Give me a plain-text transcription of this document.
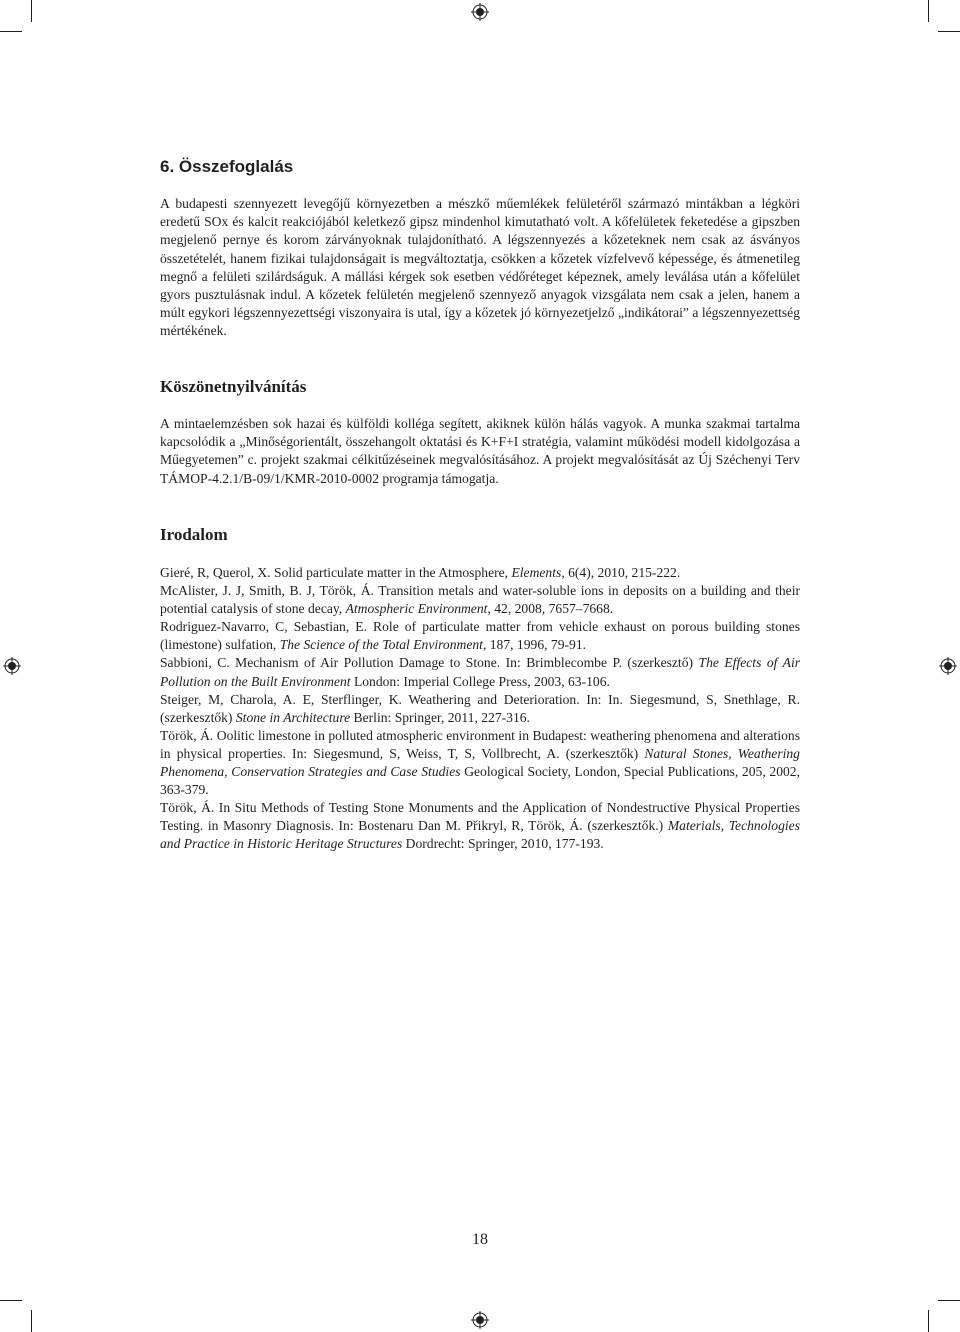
6. Összefoglalás

A budapesti szennyezett levegőjű környezetben a mészkő műemlékek felületéről származó mintákban a légköri eredetű SOx és kalcit reakciójából keletkező gipsz mindenhol kimutatható volt. A kőfelületek feketedése a gipszben megjelenő pernye és korom zárványoknak tulajdonítható. A légszennyezés a kőzeteknek nem csak az ásványos összetételét, hanem fizikai tulajdonságait is megváltoztatja, csökken a kőzetek vízfelvevő képessége, és átmenetileg megnő a felületi szilárdságuk. A mállási kérgek sok esetben védőréteget képeznek, amely leválása után a kőfelület gyors pusztulásnak indul. A kőzetek felületén megjelenő szennyező anyagok vizsgálata nem csak a jelen, hanem a múlt egykori légszennyezettségi viszonyaira is utal, így a kőzetek jó környezetjelző „indikátorai” a légszennyezettség mértékének.

Köszönetnyilvánítás

A mintaelemzésben sok hazai és külföldi kolléga segített, akiknek külön hálás vagyok. A munka szakmai tartalma kapcsolódik a „Minőségorientált, összehangolt oktatási és K+F+I stratégia, valamint működési modell kidolgozása a Műegyetemen” c. projekt szakmai célkitűzéseinek megvalósításához. A projekt megvalósítását az Új Széchenyi Terv TÁMOP-4.2.1/B-09/1/KMR-2010-0002 programja támogatja.

Irodalom

Gieré, R, Querol, X. Solid particulate matter in the Atmosphere, Elements, 6(4), 2010, 215-222.

McAlister, J. J, Smith, B. J, Török, Á. Transition metals and water-soluble ions in deposits on a building and their potential catalysis of stone decay, Atmospheric Environment, 42, 2008, 7657–7668.

Rodriguez-Navarro, C, Sebastian, E. Role of particulate matter from vehicle exhaust on porous building stones (limestone) sulfation, The Science of the Total Environment, 187, 1996, 79-91.

Sabbioni, C. Mechanism of Air Pollution Damage to Stone. In: Brimblecombe P. (szerkesztő) The Effects of Air Pollution on the Built Environment London: Imperial College Press, 2003, 63-106.

Steiger, M, Charola, A. E, Sterflinger, K. Weathering and Deterioration. In: In. Siegesmund, S, Snethlage, R. (szerkesztők) Stone in Architecture Berlin: Springer, 2011, 227-316.

Török, Á. Oolitic limestone in polluted atmospheric environment in Budapest: weathering phenomena and alterations in physical properties. In: Siegesmund, S, Weiss, T, S, Vollbrecht, A. (szerkesztők) Natural Stones, Weathering Phenomena, Conservation Strategies and Case Studies Geological Society, London, Special Publications, 205, 2002, 363-379.

Török, Á. In Situ Methods of Testing Stone Monuments and the Application of Nondestructive Physical Properties Testing. in Masonry Diagnosis. In: Bostenaru Dan M. Přikryl, R, Török, Á. (szerkesztők.) Materials, Technologies and Practice in Historic Heritage Structures Dordrecht: Springer, 2010, 177-193.

18
